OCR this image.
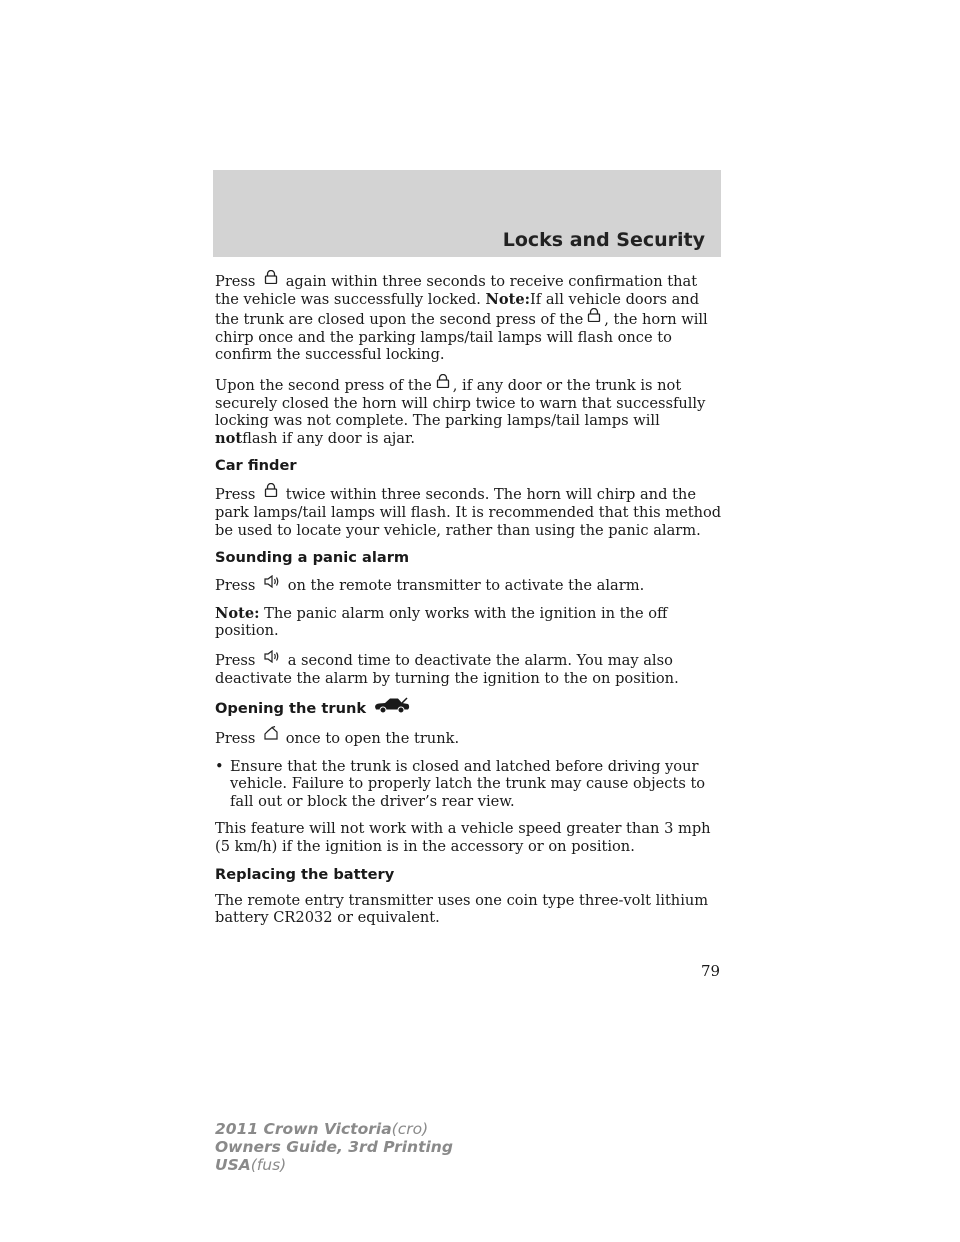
Locks and Security

Press again within three seconds to receive confirmation that the vehicle was successfully locked. Note:If all vehicle doors and the trunk are closed upon the second press of the , the horn will chirp once and the parking lamps/tail lamps will flash once to confirm the successful locking.

Upon the second press of the , if any door or the trunk is not securely closed the horn will chirp twice to warn that successfully locking was not complete. The parking lamps/tail lamps will notflash if any door is ajar.

Car finder

Press twice within three seconds. The horn will chirp and the park lamps/tail lamps will flash. It is recommended that this method be used to locate your vehicle, rather than using the panic alarm.

Sounding a panic alarm

Press on the remote transmitter to activate the alarm.

Note: The panic alarm only works with the ignition in the off position.

Press a second time to deactivate the alarm. You may also deactivate the alarm by turning the ignition to the on position.

Opening the trunk

Press once to open the trunk.

• Ensure that the trunk is closed and latched before driving your vehicle. Failure to properly latch the trunk may cause objects to fall out or block the driver’s rear view.

This feature will not work with a vehicle speed greater than 3 mph (5 km/h) if the ignition is in the accessory or on position.

Replacing the battery

The remote entry transmitter uses one coin type three-volt lithium battery CR2032 or equivalent.

79
2011 Crown Victoria(cro)
Owners Guide, 3rd Printing
USA(fus)
